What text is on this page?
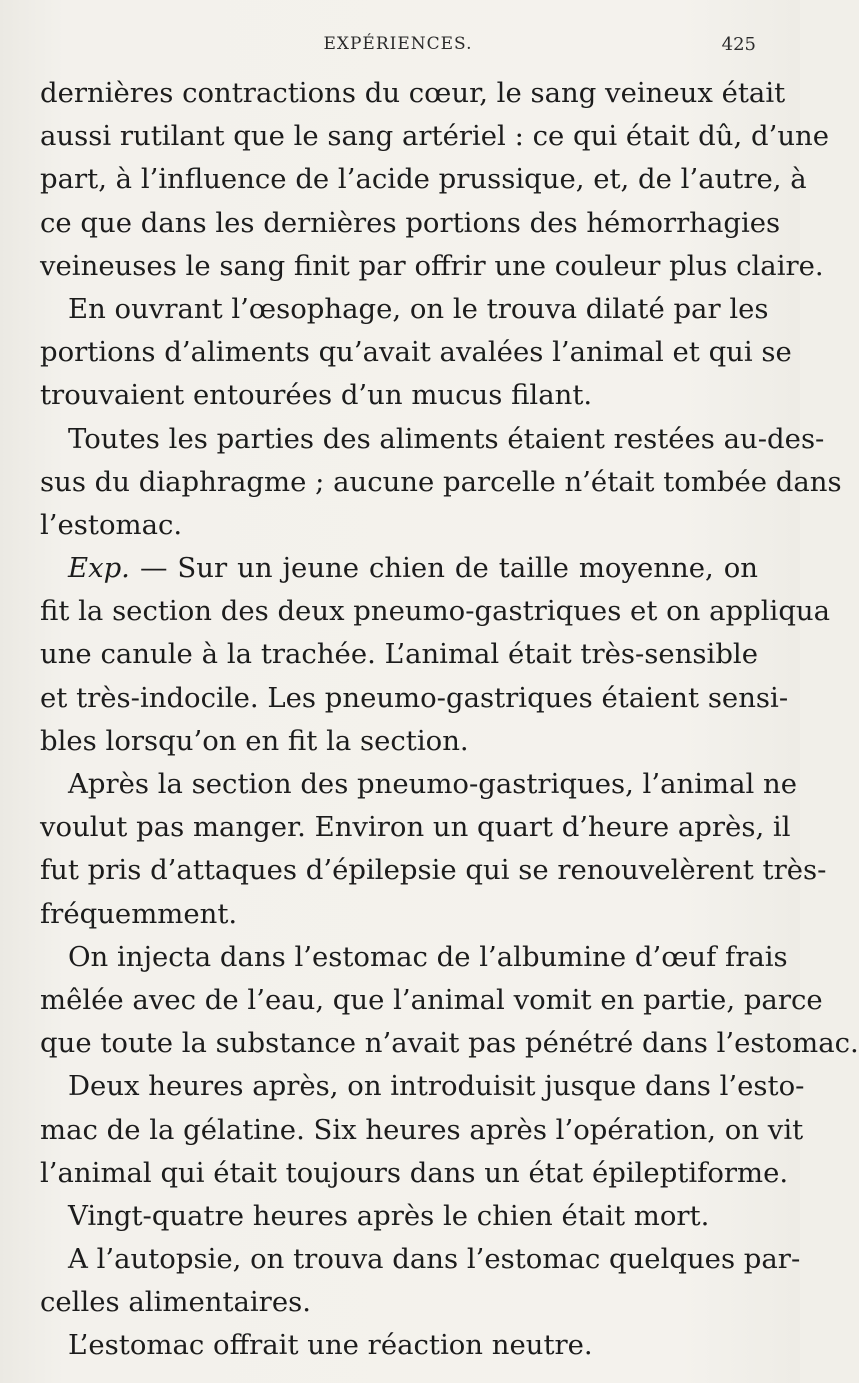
EXPÉRIENCES.	425
dernières contractions du cœur, le sang veineux était
aussi rutilant que le sang artériel : ce qui était dû, d’une
part, à l’influence de l’acide prussique, et, de l’autre, à
ce que dans les dernières portions des hémorrhagies
veineuses le sang finit par offrir une couleur plus claire.
En ouvrant l’œsophage, on le trouva dilaté par les
portions d’aliments qu’avait avalées l’animal et qui se
trouvaient entourées d’un mucus filant.
Toutes les parties des aliments étaient restées au-des-
sus du diaphragme ; aucune parcelle n’était tombée dans
l’estomac.
Exp. — Sur un jeune chien de taille moyenne, on
fit la section des deux pneumo-gastriques et on appliqua
une canule à la trachée. L’animal était très-sensible
et très-indocile. Les pneumo-gastriques étaient sensi-
bles lorsqu’on en fit la section.
Après la section des pneumo-gastriques, l’animal ne
voulut pas manger. Environ un quart d’heure après, il
fut pris d’attaques d’épilepsie qui se renouvelèrent très-
fréquemment.
On injecta dans l’estomac de l’albumine d’œuf frais
mêlée avec de l’eau, que l’animal vomit en partie, parce
que toute la substance n’avait pas pénétré dans l’estomac.
Deux heures après, on introduisit jusque dans l’esto-
mac de la gélatine. Six heures après l’opération, on vit
l’animal qui était toujours dans un état épileptiforme.
Vingt-quatre heures après le chien était mort.
A l’autopsie, on trouva dans l’estomac quelques par-
celles alimentaires.
L’estomac offrait une réaction neutre.
